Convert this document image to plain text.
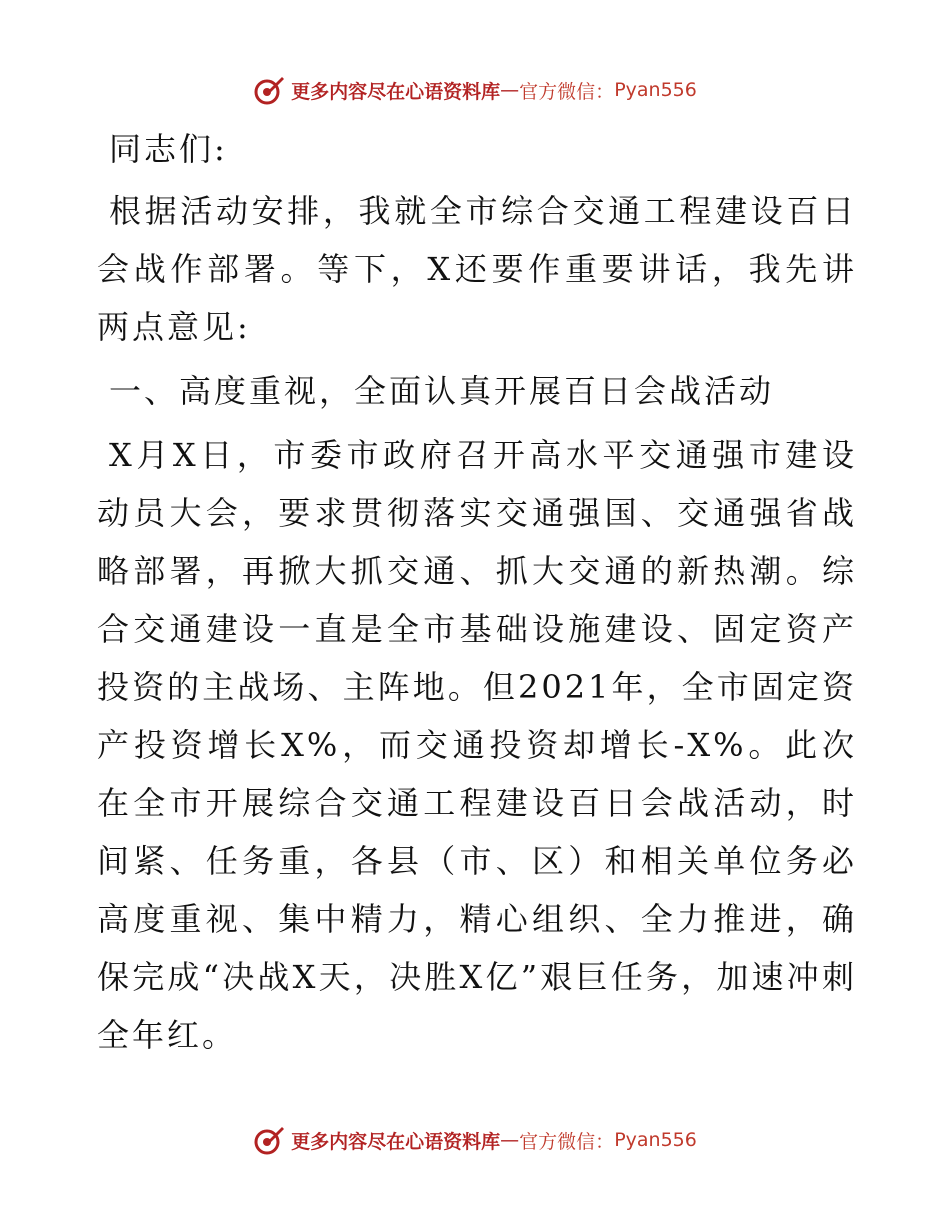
更多内容尽在心语资料库 — 官方微信： Pyan556

同志们:

根据活动安排，我就全市综合交通工程建设百日会战作部署。等下，X还要作重要讲话，我先讲两点意见:

一、高度重视，全面认真开展百日会战活动

X月X日，市委市政府召开高水平交通强市建设动员大会，要求贯彻落实交通强国、交通强省战略部署，再掀大抓交通、抓大交通的新热潮。综合交通建设一直是全市基础设施建设、固定资产投资的主战场、主阵地。但2021年，全市固定资产投资增长X%，而交通投资却增长-X%。此次在全市开展综合交通工程建设百日会战活动，时间紧、任务重，各县（市、区）和相关单位务必高度重视、集中精力，精心组织、全力推进，确保完成“决战X天，决胜X亿”艰巨任务，加速冲刺全年红。

更多内容尽在心语资料库 — 官方微信： Pyan556
